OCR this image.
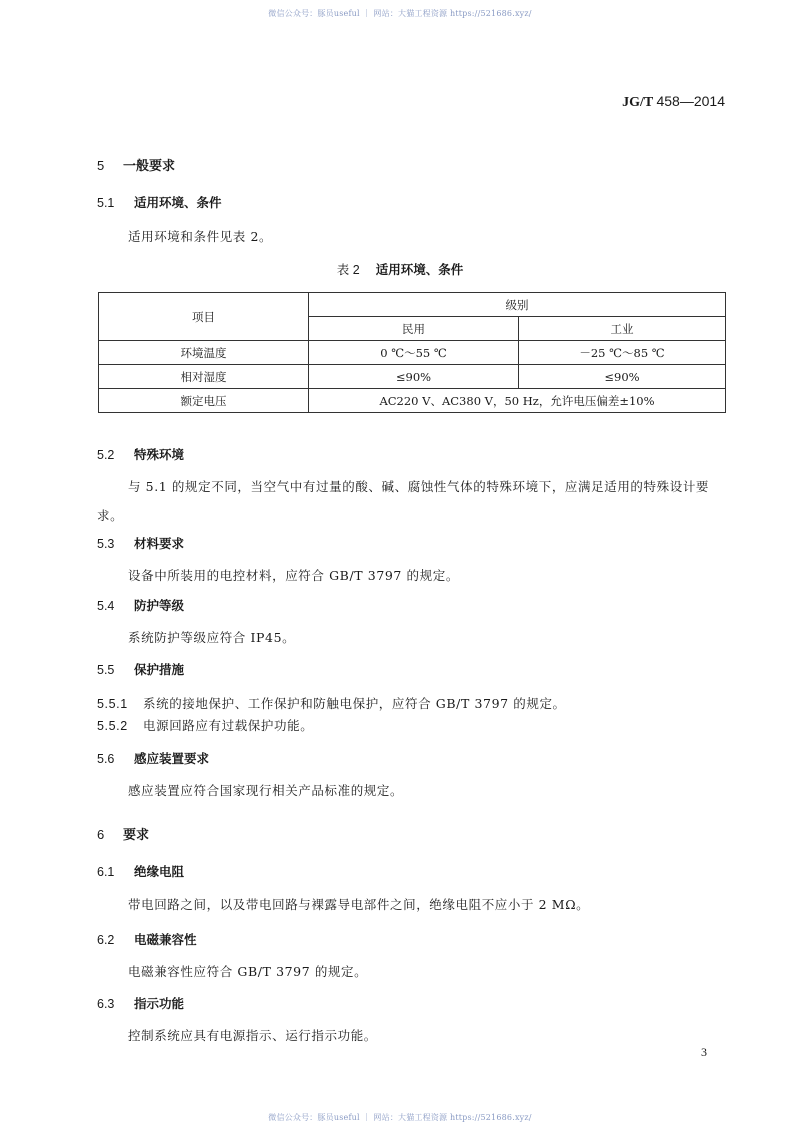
微信公众号：豚员useful ｜ 网站：大猫工程资源 https://521686.xyz/
JG/T 458—2014
5 一般要求
5.1 适用环境、条件
适用环境和条件见表 2。
表 2 适用环境、条件
项目	级别	
	民用	工业
环境温度	0 ℃～55 ℃	－25 ℃～85 ℃
相对湿度	≤90%	≤90%
额定电压	AC220 V、AC380 V，50 Hz，允许电压偏差±10%	
5.2 特殊环境
与 5.1 的规定不同，当空气中有过量的酸、碱、腐蚀性气体的特殊环境下，应满足适用的特殊设计要求。
5.3 材料要求
设备中所装用的电控材料，应符合 GB/T 3797 的规定。
5.4 防护等级
系统防护等级应符合 IP45。
5.5 保护措施
5.5.1 系统的接地保护、工作保护和防触电保护，应符合 GB/T 3797 的规定。
5.5.2 电源回路应有过载保护功能。
5.6 感应装置要求
感应装置应符合国家现行相关产品标准的规定。
6 要求
6.1 绝缘电阻
带电回路之间，以及带电回路与裸露导电部件之间，绝缘电阻不应小于 2 MΩ。
6.2 电磁兼容性
电磁兼容性应符合 GB/T 3797 的规定。
6.3 指示功能
控制系统应具有电源指示、运行指示功能。
3
微信公众号：豚员useful ｜ 网站：大猫工程资源 https://521686.xyz/
